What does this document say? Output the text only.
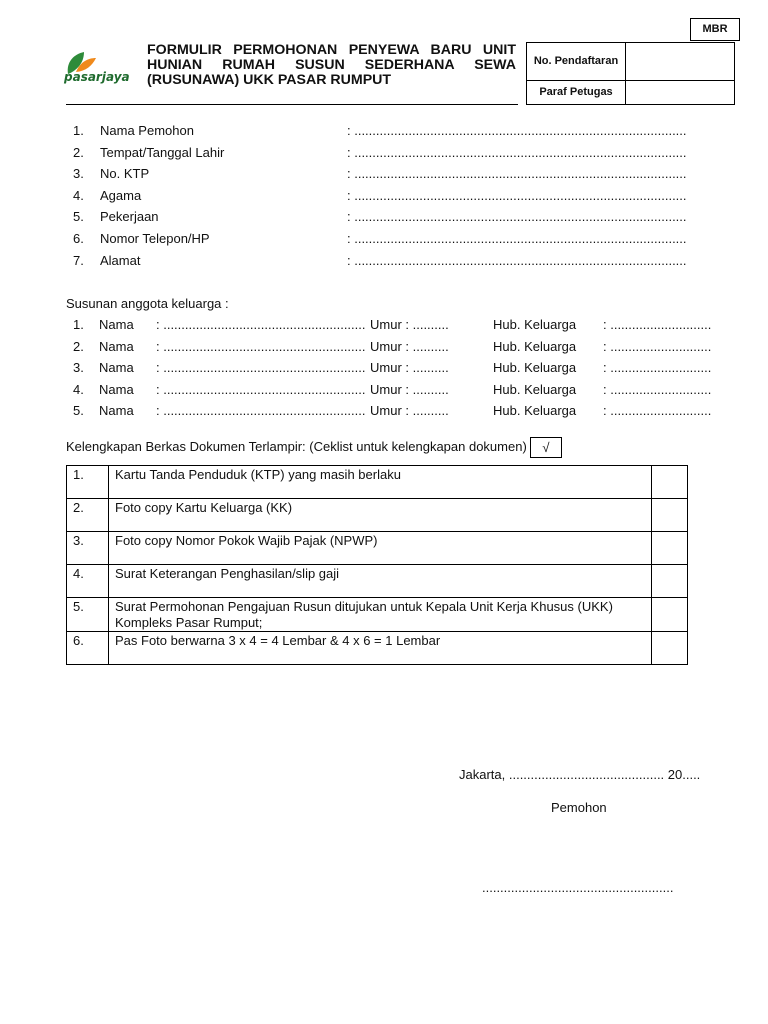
MBR
pasarjaya
FORMULIR PERMOHONAN PENYEWA BARU UNIT HUNIAN RUMAH SUSUN SEDERHANA SEWA (RUSUNAWA) UKK PASAR RUMPUT
No. Pendaftaran	
Paraf Petugas	
1. Nama Pemohon	: ............................................................................................
2. Tempat/Tanggal Lahir	: ............................................................................................
3. No. KTP	: ............................................................................................
4. Agama	: ............................................................................................
5. Pekerjaan	: ............................................................................................
6. Nomor Telepon/HP	: ............................................................................................
7. Alamat	: ............................................................................................
Susunan anggota keluarga :
1. Nama : ........................................................ Umur : ..........	Hub. Keluarga : ............................
2. Nama : ........................................................ Umur : ..........	Hub. Keluarga : ............................
3. Nama : ........................................................ Umur : ..........	Hub. Keluarga : ............................
4. Nama : ........................................................ Umur : ..........	Hub. Keluarga : ............................
5. Nama : ........................................................ Umur : ..........	Hub. Keluarga : ............................
Kelengkapan Berkas Dokumen Terlampir: (Ceklist untuk kelengkapan dokumen)	√
1.	Kartu Tanda Penduduk (KTP) yang masih berlaku	
2.	Foto copy Kartu Keluarga (KK)	
3.	Foto copy Nomor Pokok Wajib Pajak (NPWP)	
4.	Surat Keterangan Penghasilan/slip gaji	
5.	Surat Permohonan Pengajuan Rusun ditujukan untuk Kepala Unit Kerja Khusus (UKK) Kompleks Pasar Rumput;	
6.	Pas Foto berwarna 3 x 4 = 4 Lembar & 4 x 6 = 1 Lembar	
Jakarta, ........................................... 20.....
Pemohon
.....................................................
